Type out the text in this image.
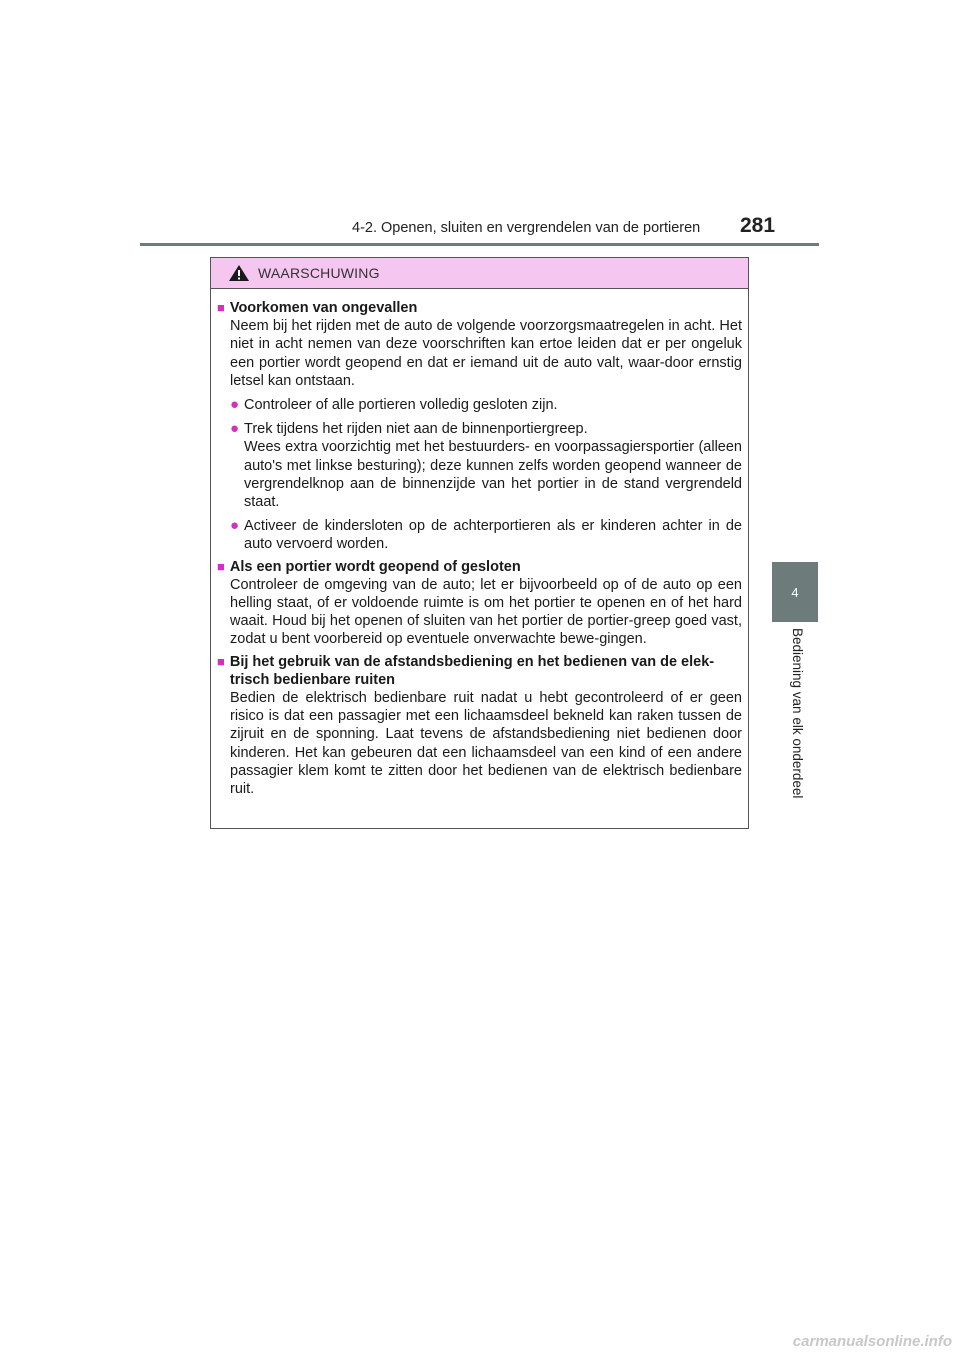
4-2. Openen, sluiten en vergrendelen van de portieren 281
4
Bediening van elk onderdeel
WAARSCHUWING
■ Voorkomen van ongevallen
Neem bij het rijden met de auto de volgende voorzorgsmaatregelen in acht. Het niet in acht nemen van deze voorschriften kan ertoe leiden dat er per ongeluk een portier wordt geopend en dat er iemand uit de auto valt, waar-door ernstig letsel kan ontstaan.
● Controleer of alle portieren volledig gesloten zijn.
● Trek tijdens het rijden niet aan de binnenportiergreep.
Wees extra voorzichtig met het bestuurders- en voorpassagiersportier (alleen auto's met linkse besturing); deze kunnen zelfs worden geopend wanneer de vergrendelknop aan de binnenzijde van het portier in de stand vergrendeld staat.
● Activeer de kindersloten op de achterportieren als er kinderen achter in de auto vervoerd worden.
■ Als een portier wordt geopend of gesloten
Controleer de omgeving van de auto; let er bijvoorbeeld op of de auto op een helling staat, of er voldoende ruimte is om het portier te openen en of het hard waait. Houd bij het openen of sluiten van het portier de portier-greep goed vast, zodat u bent voorbereid op eventuele onverwachte bewe-gingen.
■ Bij het gebruik van de afstandsbediening en het bedienen van de elek-trisch bedienbare ruiten
Bedien de elektrisch bedienbare ruit nadat u hebt gecontroleerd of er geen risico is dat een passagier met een lichaamsdeel bekneld kan raken tussen de zijruit en de sponning. Laat tevens de afstandsbediening niet bedienen door kinderen. Het kan gebeuren dat een lichaamsdeel van een kind of een andere passagier klem komt te zitten door het bedienen van de elektrisch bedienbare ruit.
carmanualsonline.info
